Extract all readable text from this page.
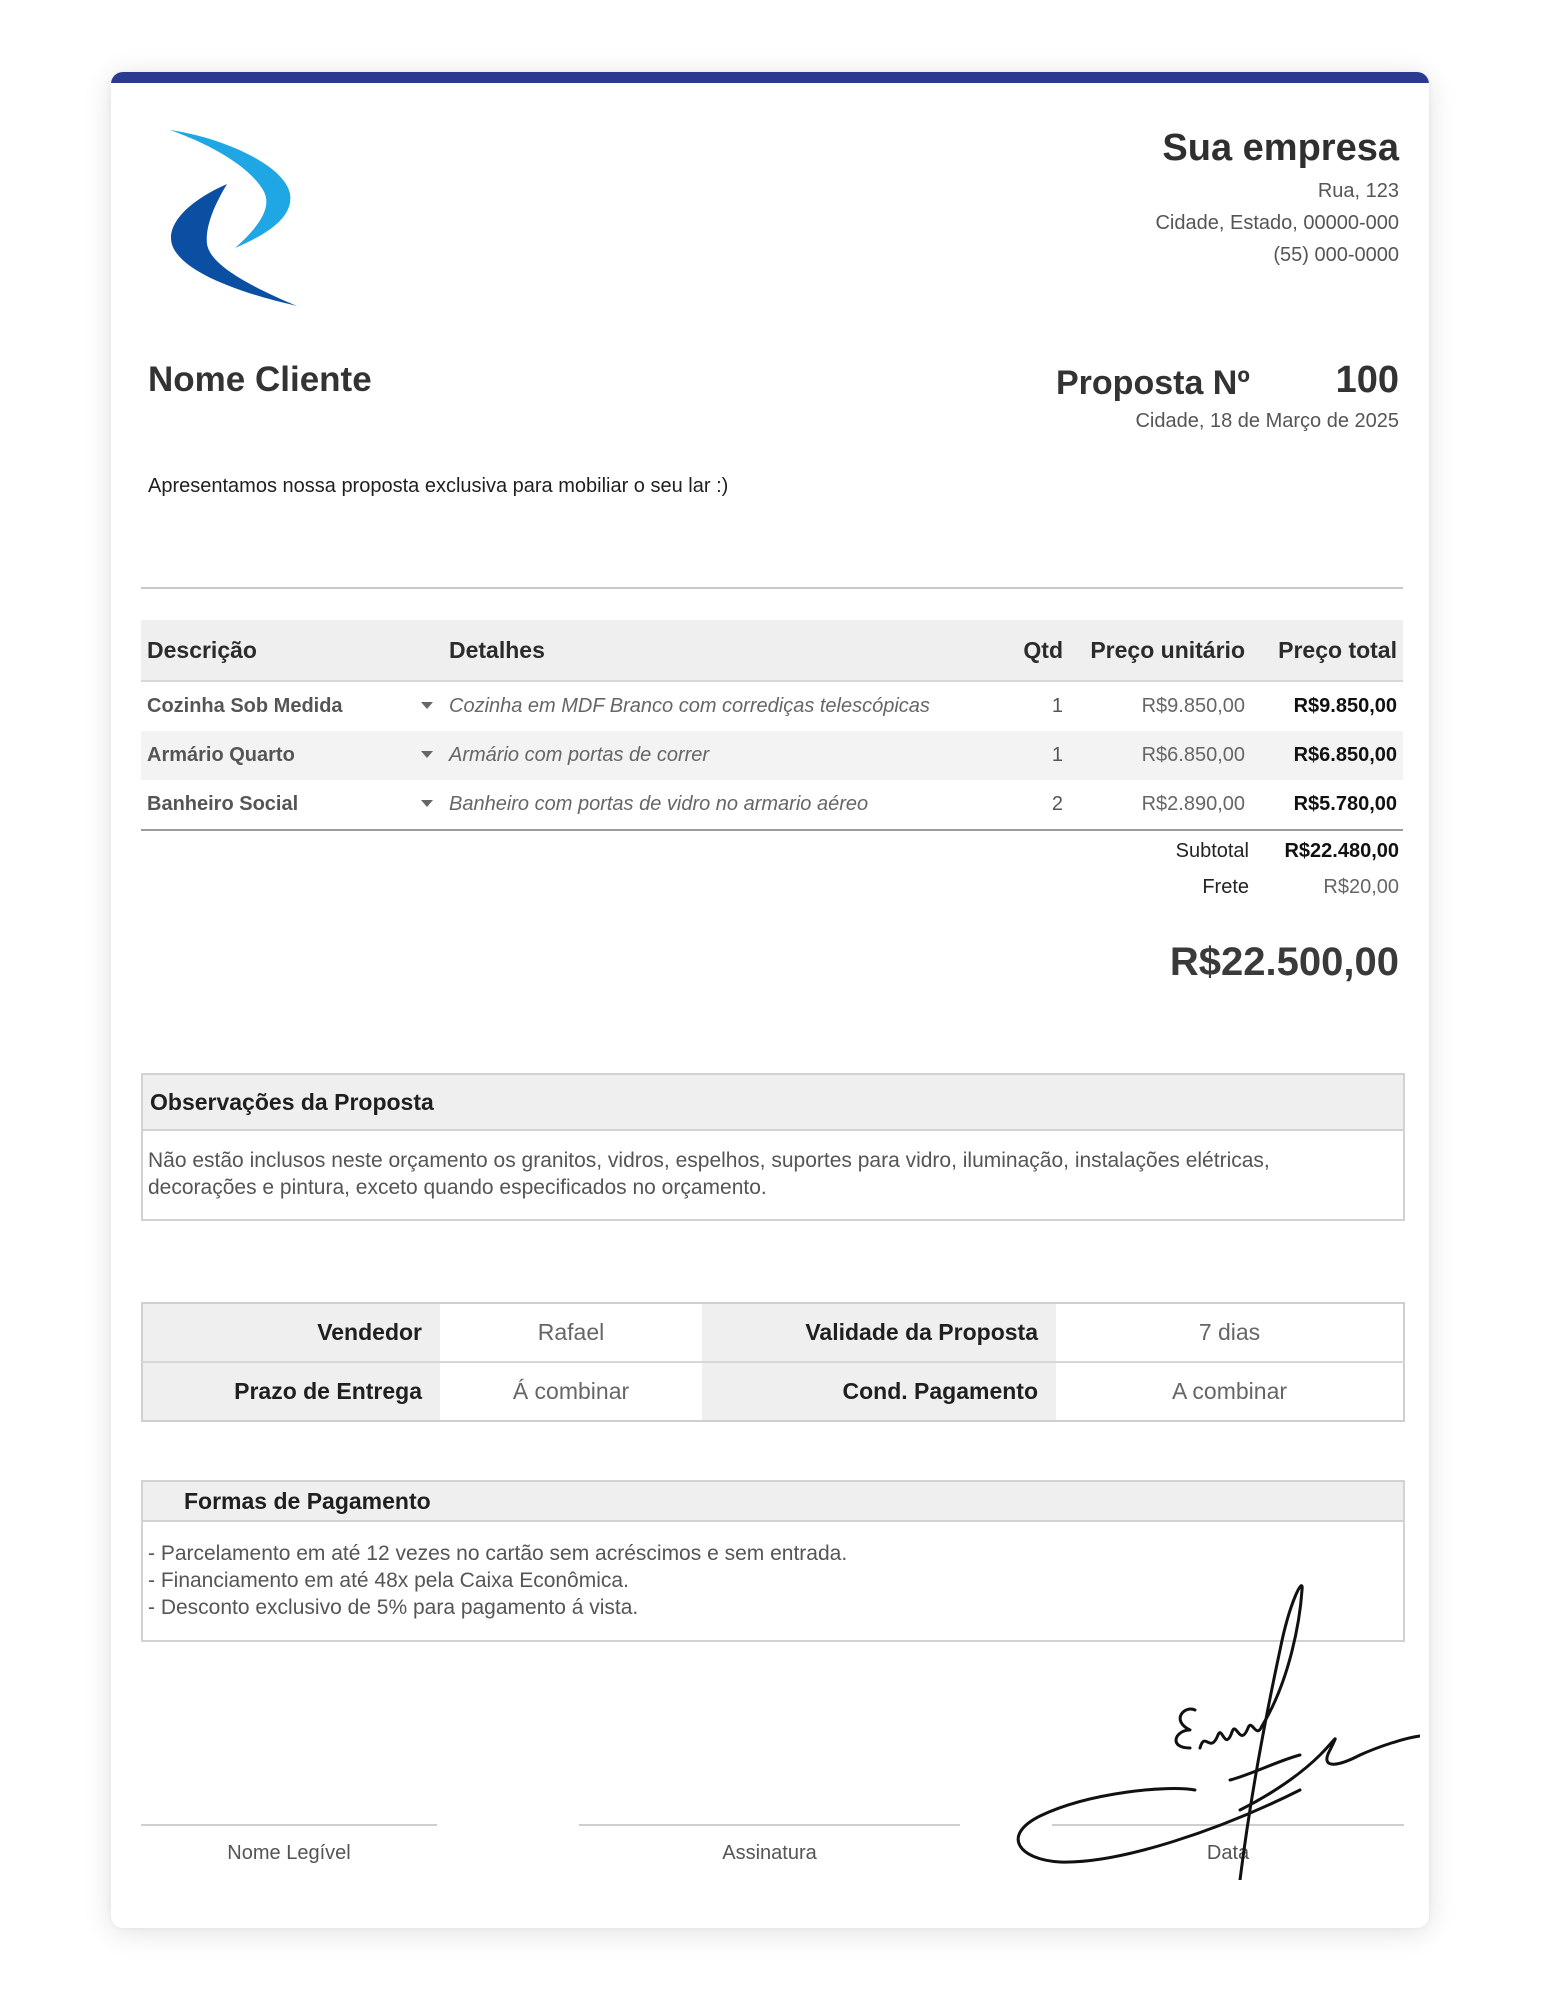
Sua empresa
Rua, 123
Cidade, Estado, 00000-000
(55) 000-0000
Nome Cliente	Proposta Nº 100
Cidade, 18 de Março de 2025
Apresentamos nossa proposta exclusiva para mobiliar o seu lar :)
Descrição	Detalhes	Qtd	Preço unitário	Preço total
Cozinha Sob Medida	Cozinha em MDF Branco com corrediças telescópicas	1	R$9.850,00	R$9.850,00
Armário Quarto	Armário com portas de correr	1	R$6.850,00	R$6.850,00
Banheiro Social	Banheiro com portas de vidro no armario aéreo	2	R$2.890,00	R$5.780,00
Subtotal R$22.480,00
Frete	R$20,00
R$22.500,00
Observações da Proposta
Não estão inclusos neste orçamento os granitos, vidros, espelhos, suportes para vidro, iluminação, instalações elétricas, decorações e pintura, exceto quando especificados no orçamento.
Vendedor	Rafael	Validade da Proposta	7 dias
Prazo de Entrega	Á combinar	Cond. Pagamento	A combinar
Formas de Pagamento
- Parcelamento em até 12 vezes no cartão sem acréscimos e sem entrada.
- Financiamento em até 48x pela Caixa Econômica.
- Desconto exclusivo de 5% para pagamento á vista.
Nome Legível	Assinatura	Data
